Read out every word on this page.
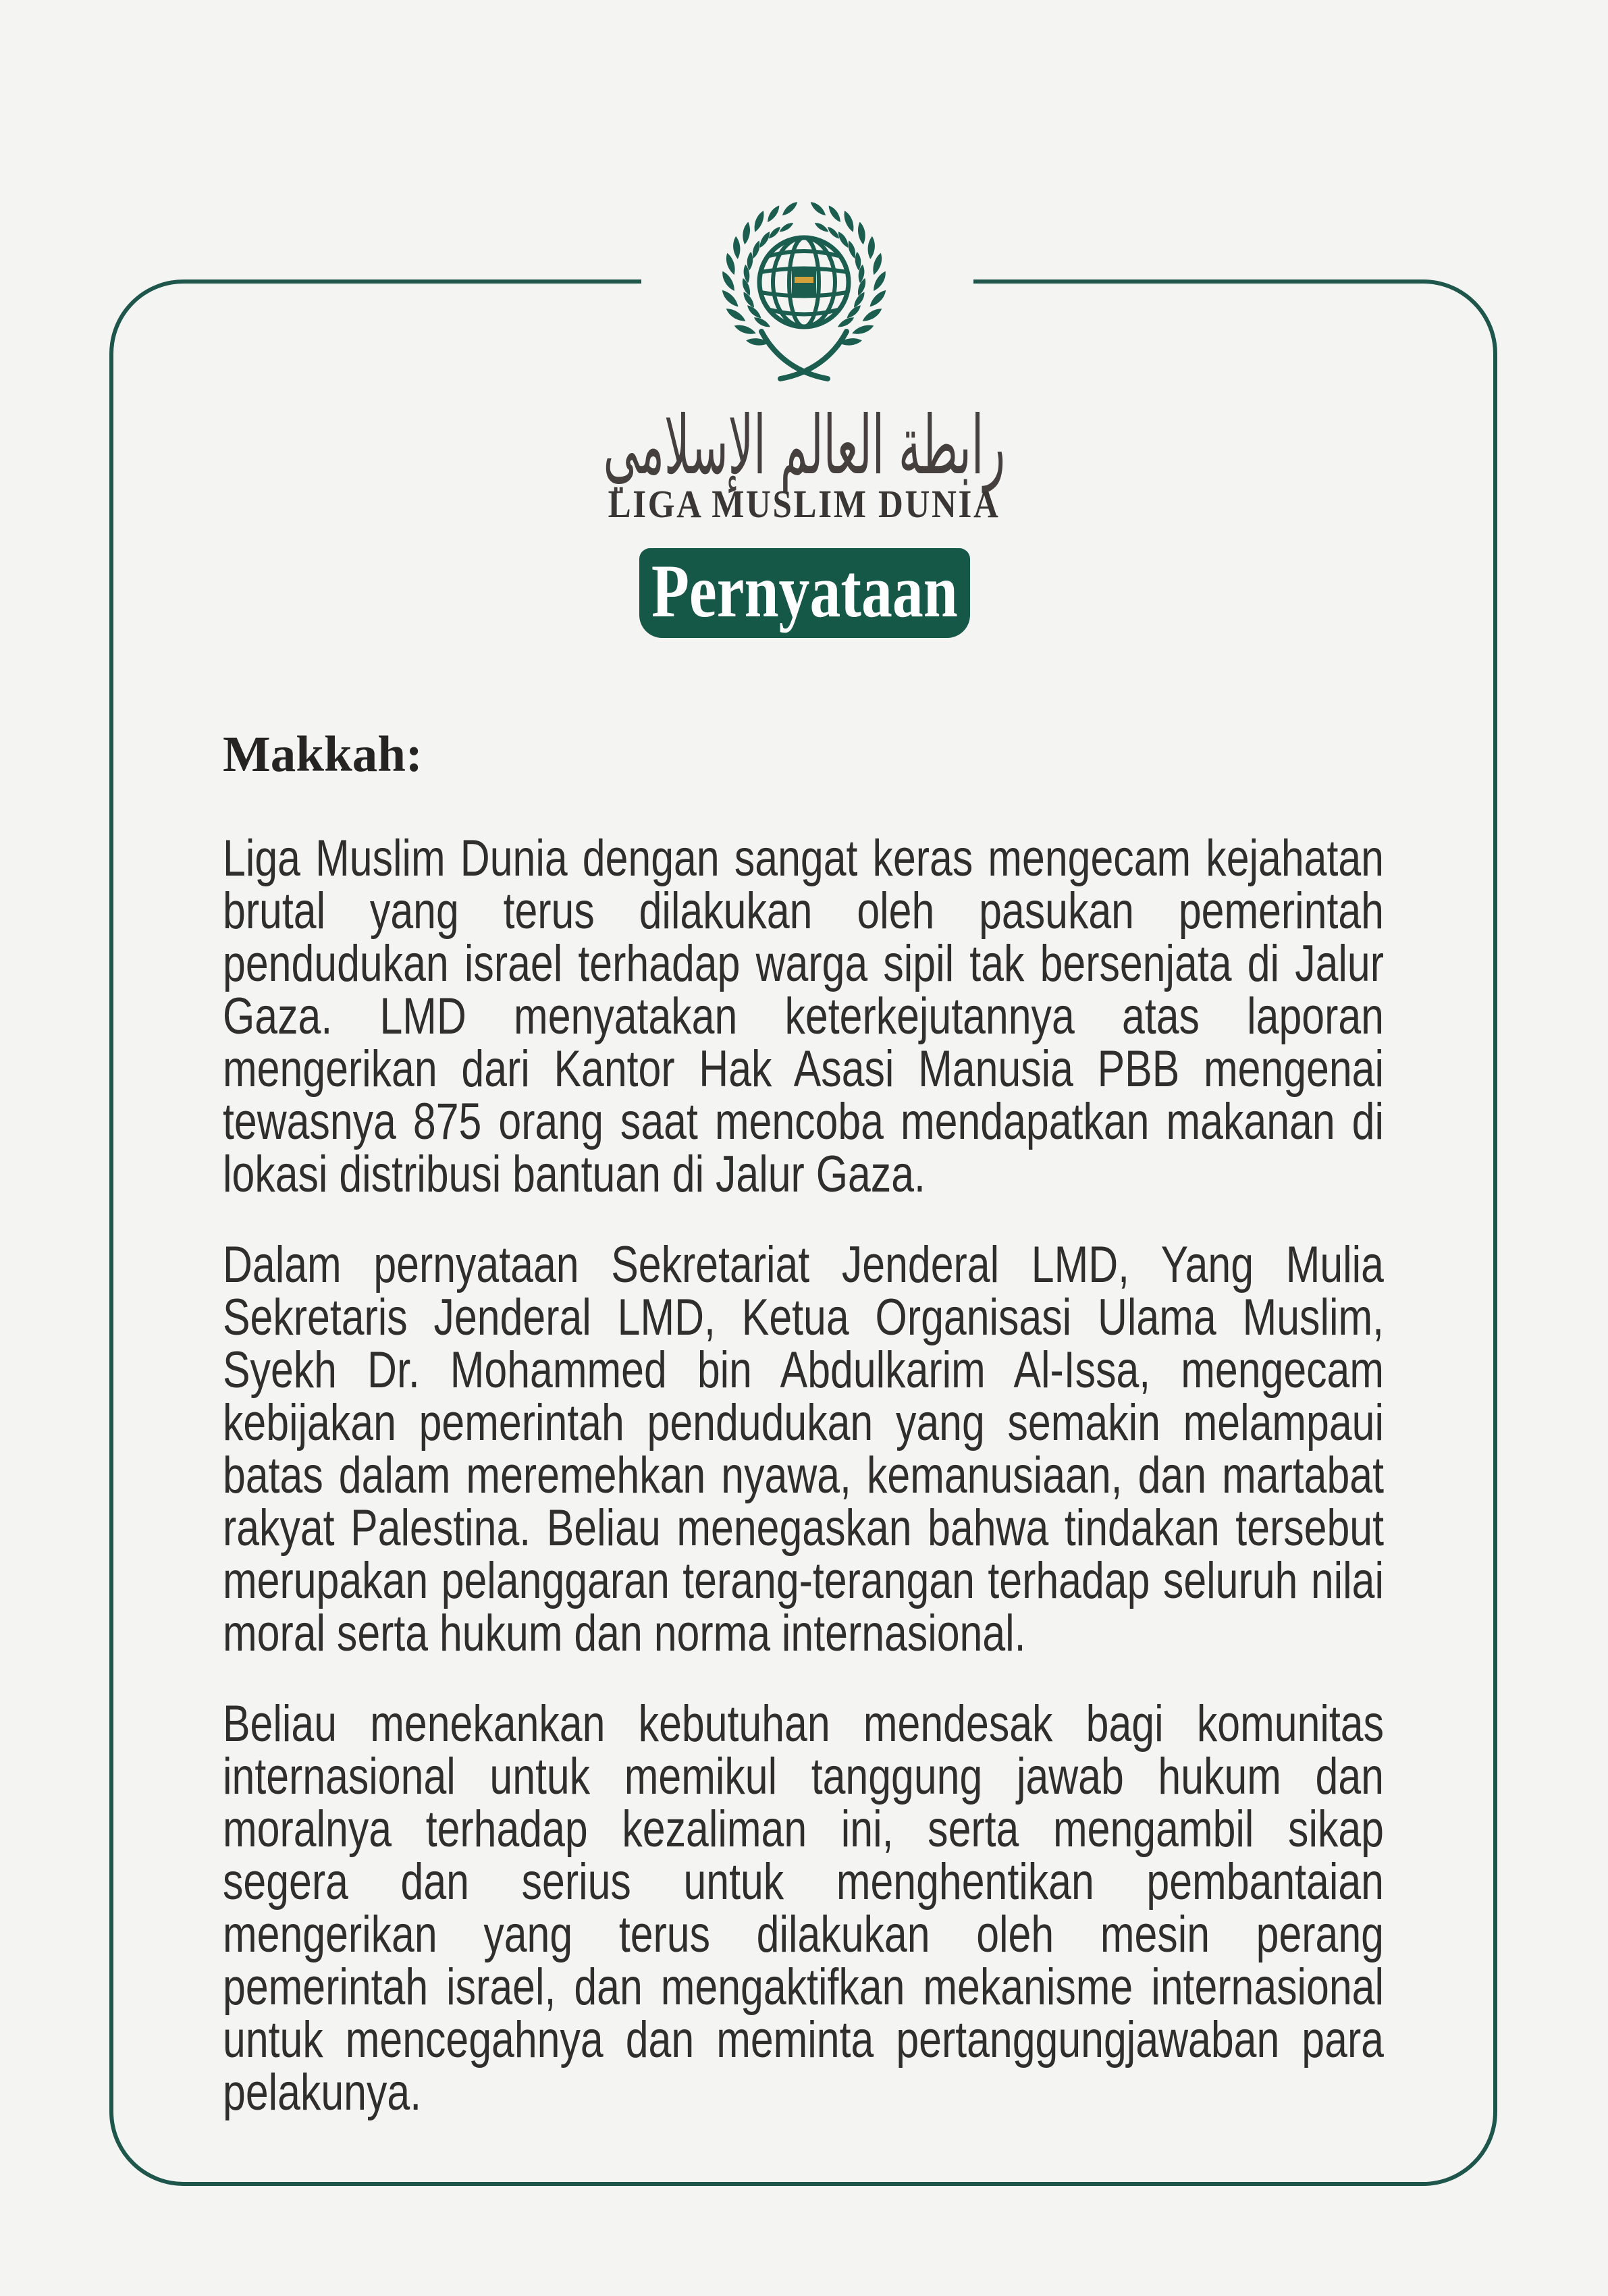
رابطة العالم الإسلامي
LIGA MUSLIM DUNIA
Pernyataan
Makkah:

Liga Muslim Dunia dengan sangat keras mengecam kejahatan brutal yang terus dilakukan oleh pasukan pemerintah pendudukan israel terhadap warga sipil tak bersenjata di Jalur Gaza. LMD menyatakan keterkejutannya atas laporan mengerikan dari Kantor Hak Asasi Manusia PBB mengenai tewasnya 875 orang saat mencoba mendapatkan makanan di lokasi distribusi bantuan di Jalur Gaza.

Dalam pernyataan Sekretariat Jenderal LMD, Yang Mulia Sekretaris Jenderal LMD, Ketua Organisasi Ulama Muslim, Syekh Dr. Mohammed bin Abdulkarim Al-Issa, mengecam kebijakan pemerintah pendudukan yang semakin melampaui batas dalam meremehkan nyawa, kemanusiaan, dan martabat rakyat Palestina. Beliau menegaskan bahwa tindakan tersebut merupakan pelanggaran terang-terangan terhadap seluruh nilai moral serta hukum dan norma internasional.

Beliau menekankan kebutuhan mendesak bagi komunitas internasional untuk memikul tanggung jawab hukum dan moralnya terhadap kezaliman ini, serta mengambil sikap segera dan serius untuk menghentikan pembantaian mengerikan yang terus dilakukan oleh mesin perang pemerintah israel, dan mengaktifkan mekanisme internasional untuk mencegahnya dan meminta pertanggungjawaban para pelakunya.
